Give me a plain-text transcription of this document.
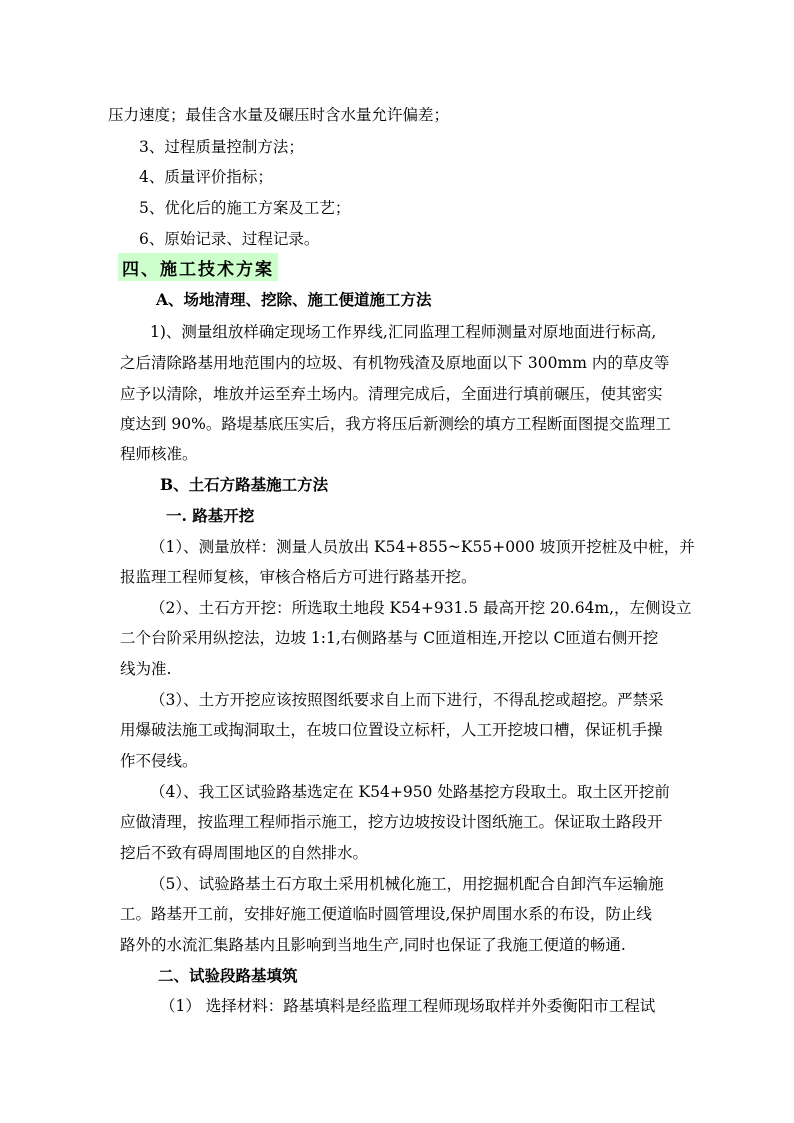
压力速度；最佳含水量及碾压时含水量允许偏差；
3、过程质量控制方法；
4、质量评价指标；
5、优化后的施工方案及工艺；
6、原始记录、过程记录。
四、施工技术方案
A、场地清理、挖除、施工便道施工方法
1)、测量组放样确定现场工作界线,汇同监理工程师测量对原地面进行标高,
之后清除路基用地范围内的垃圾、有机物残渣及原地面以下 300mm 内的草皮等
应予以清除，堆放并运至弃土场内。清理完成后，全面进行填前碾压，使其密实
度达到 90%。路堤基底压实后，我方将压后新测绘的填方工程断面图提交监理工
程师核准。
B、土石方路基施工方法
一. 路基开挖
（1）、测量放样：测量人员放出 K54+855~K55+000 坡顶开挖桩及中桩，并
报监理工程师复核，审核合格后方可进行路基开挖。
（2）、土石方开挖：所选取土地段 K54+931.5 最高开挖 20.64m,，左侧设立
二个台阶采用纵挖法，边坡 1:1,右侧路基与 C匝道相连,开挖以 C匝道右侧开挖
线为准.
（3）、土方开挖应该按照图纸要求自上而下进行，不得乱挖或超挖。严禁采
用爆破法施工或掏洞取土，在坡口位置设立标杆，人工开挖坡口槽，保证机手操
作不侵线。
（4）、我工区试验路基选定在 K54+950 处路基挖方段取土。取土区开挖前
应做清理，按监理工程师指示施工，挖方边坡按设计图纸施工。保证取土路段开
挖后不致有碍周围地区的自然排水。
（5）、试验路基土石方取土采用机械化施工，用挖掘机配合自卸汽车运输施
工。路基开工前，安排好施工便道临时圆管埋设,保护周围水系的布设，防止线
路外的水流汇集路基内且影响到当地生产,同时也保证了我施工便道的畅通.
二、试验段路基填筑
（1） 选择材料：路基填料是经监理工程师现场取样并外委衡阳市工程试
